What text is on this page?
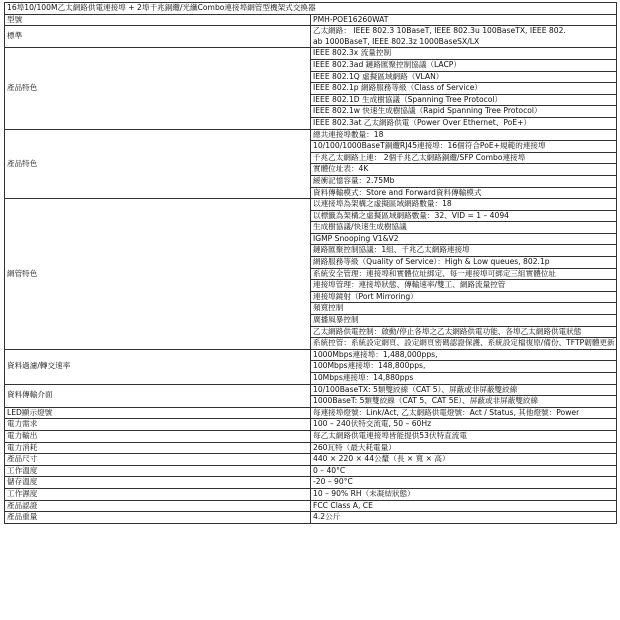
16埠10/100M乙太網路供電連接埠 + 2埠千兆銅纜/光纖Combo連接埠網管型機架式交換器	
型號	PMH-POE16260WAT
標準	乙太網路： IEEE 802.3 10BaseT, IEEE 802.3u 100BaseTX, IEEE 802.
ab 1000BaseT, IEEE 802.3z 1000BaseSX/LX

產品特色	IEEE 802.3x 流量控制
	IEEE 802.3ad 鏈路匯聚控制協議（LACP）
	IEEE 802.1Q 虛擬區域網路（VLAN）
	IEEE 802.1p 網路服務等級（Class of Service）
	IEEE 802.1D 生成樹協議（Spanning Tree Protocol）
	IEEE 802.1w 快速生成樹協議（Rapid Spanning Tree Protocol）
	IEEE 802.3at 乙太網路供電（Power Over Ethernet、PoE+）
產品特色	總共連接埠數量：18
	10/100/1000BaseT銅纜RJ45連接埠：16個符合PoE+規範的連接埠
	千兆乙太網路上連： 2個千兆乙太網路銅纜/SFP Combo連接埠
	實體位址表：4K
	緩衝記憶容量：2.75Mb
	資料傳輸模式：Store and Forward資料傳輸模式
網管特色	以連接埠為架構之虛擬區域網路數量：18
	以標籤為架構之虛擬區域網路數量：32、VID = 1 – 4094
	生成樹協議/快速生成樹協議
	IGMP Snooping V1&V2
	鏈路匯聚控制協議：1組、千兆乙太網路連接埠
	網路服務等級（Quality of Service）：High & Low queues, 802.1p
	系統安全管理：連接埠和實體位址綁定、每一連接埠可綁定三組實體位址
	連接埠管理：連接埠狀態、傳輸速率/雙工、網路流量控管
	連接埠鏡射（Port Mirroring）
	頻寬控制
	廣播風暴控制
	乙太網路供電控制：啟動/停止各埠之乙太網路供電功能、各埠乙太網路供電狀態
	系統控管：系統設定網頁、設定網頁密碼認證保護、系統設定檔復原/備份、TFTP韌體更新
資料過濾/轉交速率	1000Mbps連接埠：1,488,000pps,
	100Mbps連接埠：148,800pps,
	10Mbps連接埠：14,880pps
資料傳輸介面	10/100BaseTX: 5類雙絞線（CAT 5）、屏蔽或非屏蔽雙絞線
	1000BaseT: 5類雙絞線（CAT 5、CAT 5E）、屏蔽或非屏蔽雙絞線
LED顯示燈號	每連接埠燈號：Link/Act, 乙太網路供電燈號：Act / Status, 其他燈號：Power
電力需求	100 – 240伏特交流電, 50 – 60Hz
電力輸出	每乙太網路供電連接埠皆能提供53伏特直流電
電力消耗	260瓦特（最大耗電量）
產品尺寸	440 × 220 × 44公釐（長 × 寬 × 高）
工作溫度	0 – 40°C
儲存溫度	-20 – 90°C
工作濕度	10 – 90% RH（未凝結狀態）
產品認證	FCC Class A, CE
產品重量	4.2公斤
